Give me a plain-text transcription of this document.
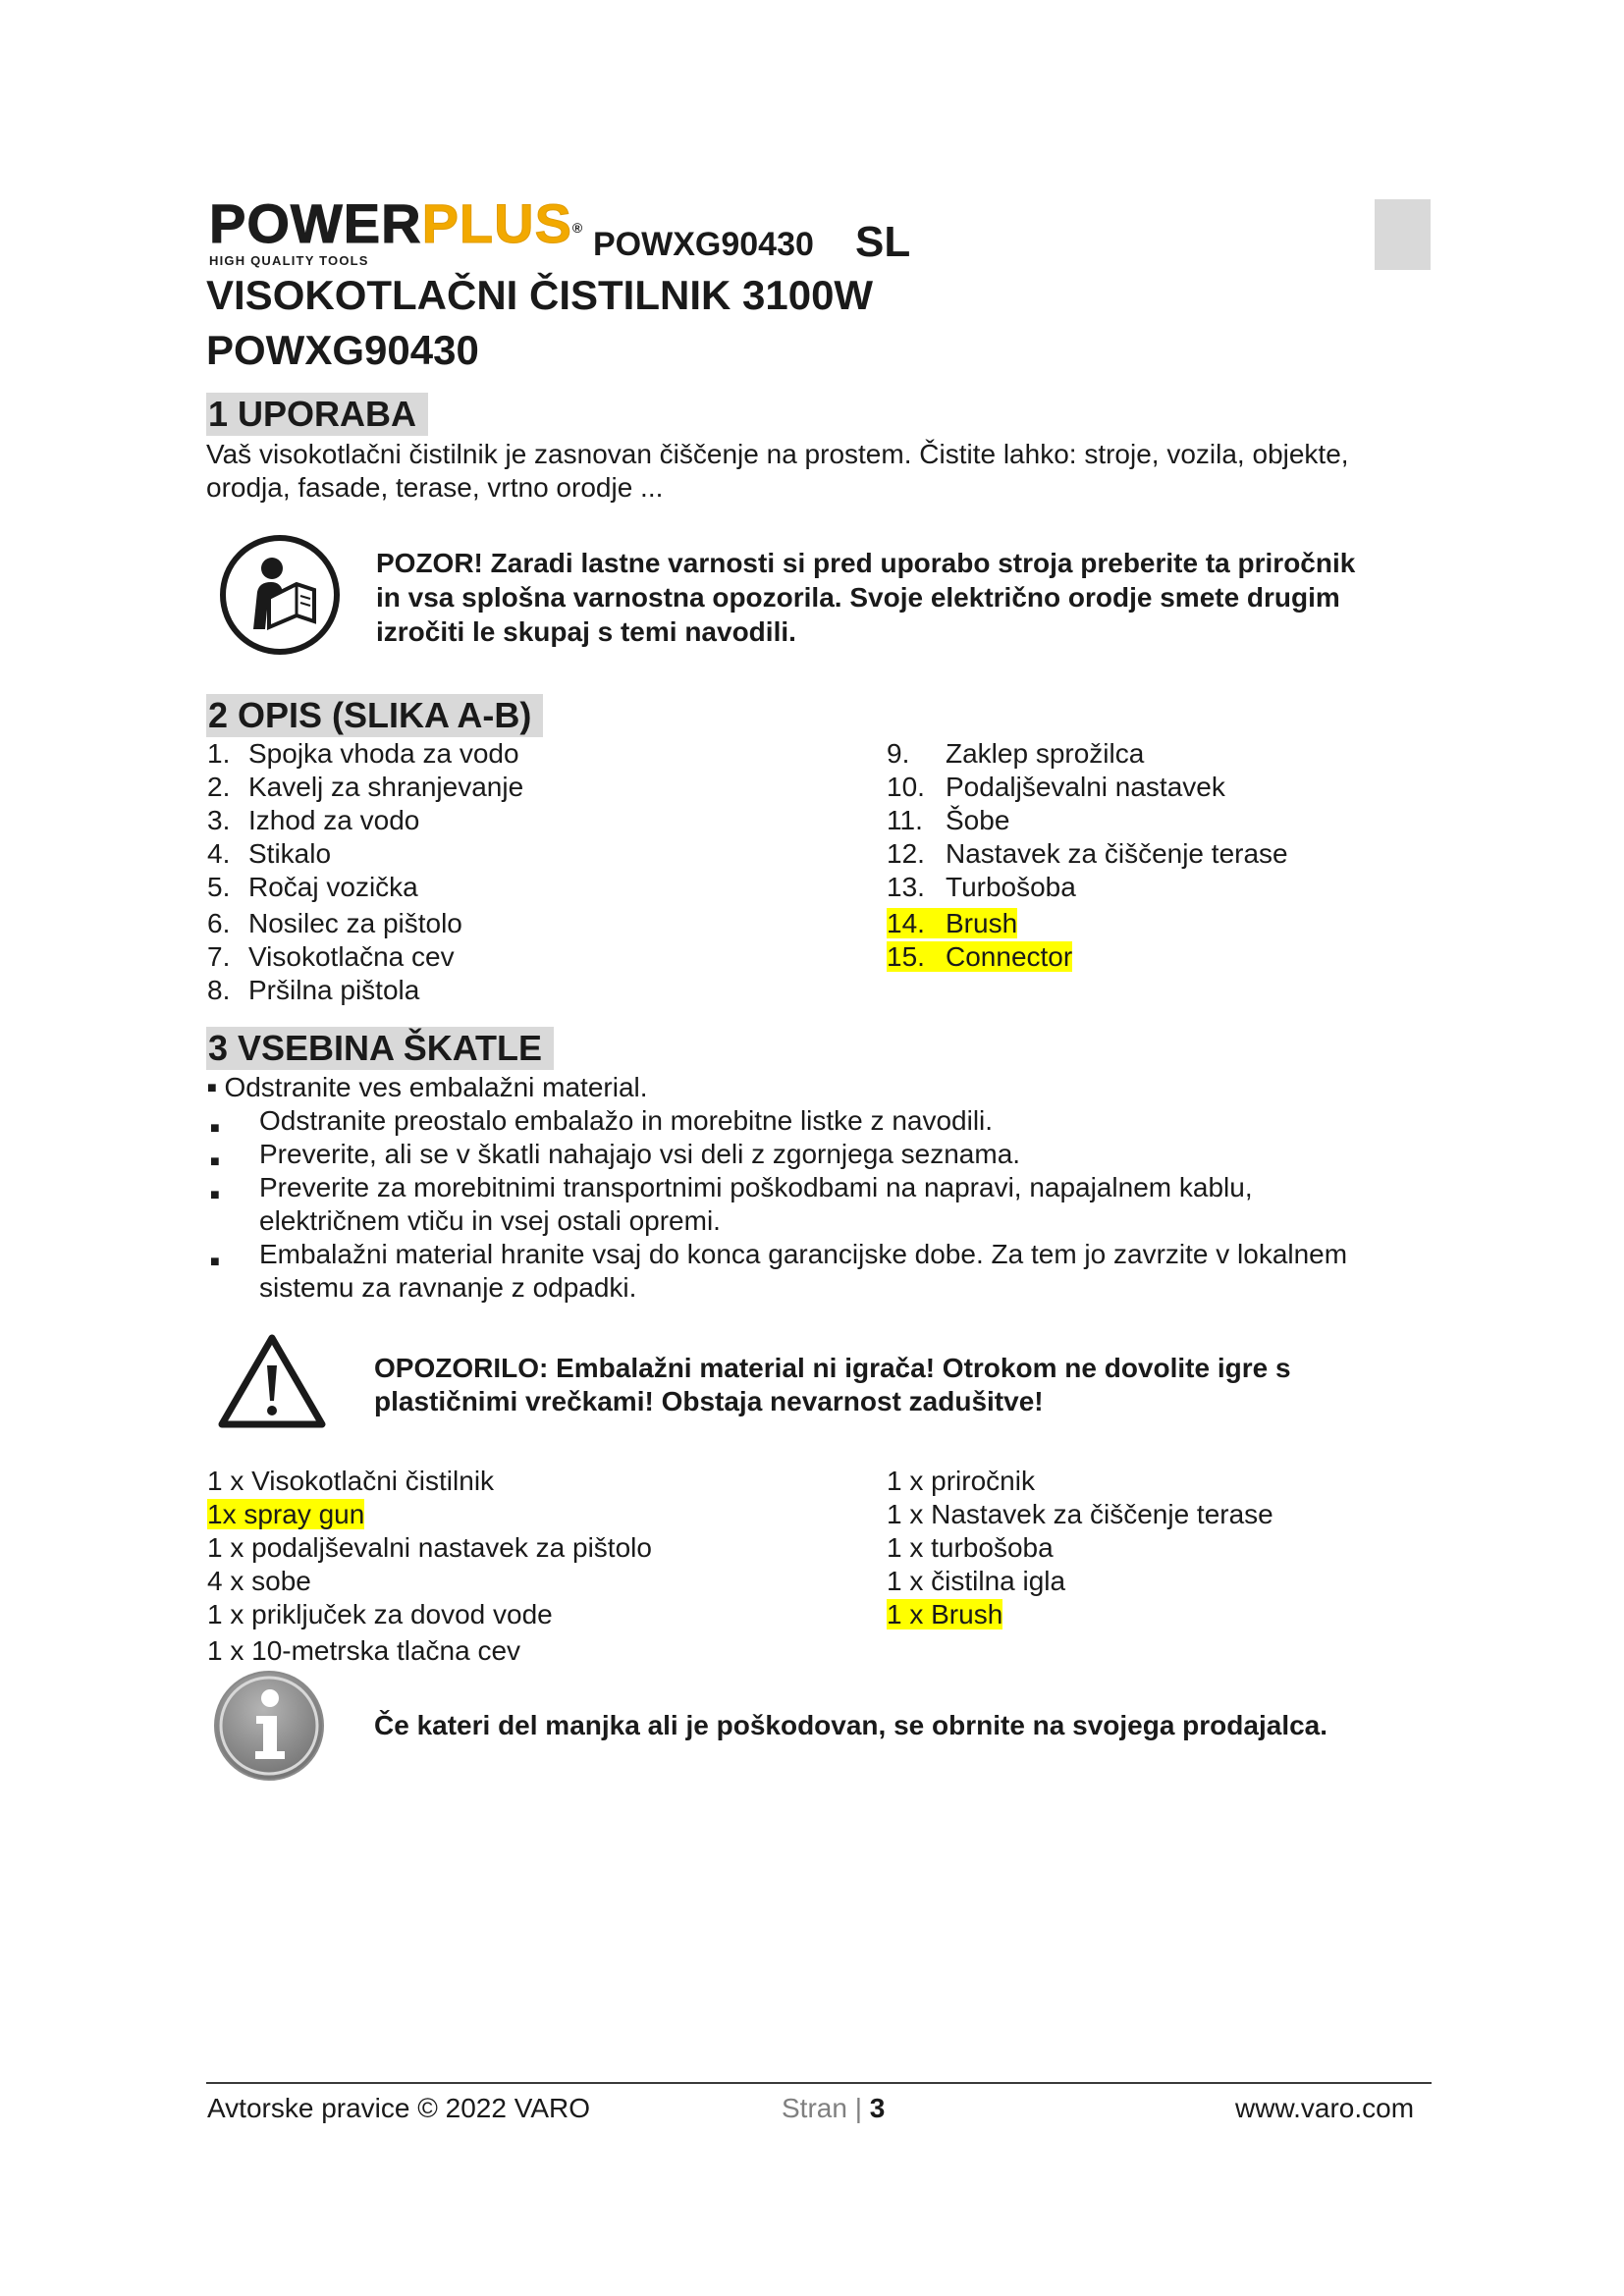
POWERPLUS®
HIGH QUALITY TOOLS	POWXG90430 SL
VISOKOTLAČNI ČISTILNIK 3100W
POWXG90430
1 UPORABA
Vaš visokotlačni čistilnik je zasnovan čiščenje na prostem. Čistite lahko: stroje, vozila, objekte,
orodja, fasade, terase, vrtno orodje ...
POZOR! Zaradi lastne varnosti si pred uporabo stroja preberite ta priročnik
in vsa splošna varnostna opozorila. Svoje električno orodje smete drugim
izročiti le skupaj s temi navodili.
2 OPIS (SLIKA A-B)
1. Spojka vhoda za vodo
2. Kavelj za shranjevanje
3. Izhod za vodo
4. Stikalo
5. Ročaj vozička
6. Nosilec za pištolo
7. Visokotlačna cev
8. Pršilna pištola
9. Zaklep sprožilca
10. Podaljševalni nastavek
11. Šobe
12. Nastavek za čiščenje terase
13. Turbošoba
14. Brush
15. Connector
3 VSEBINA ŠKATLE
■ Odstranite ves embalažni material.
■ Odstranite preostalo embalažo in morebitne listke z navodili.
■ Preverite, ali se v škatli nahajajo vsi deli z zgornjega seznama.
■ Preverite za morebitnimi transportnimi poškodbami na napravi, napajalnem kablu,
električnem vtiču in vsej ostali opremi.
■ Embalažni material hranite vsaj do konca garancijske dobe. Za tem jo zavrzite v lokalnem
sistemu za ravnanje z odpadki.
OPOZORILO: Embalažni material ni igrača! Otrokom ne dovolite igre s
plastičnimi vrečkami! Obstaja nevarnost zadušitve!
1 x Visokotlačni čistilnik
1x spray gun
1 x podaljševalni nastavek za pištolo
4 x sobe
1 x priključek za dovod vode
1 x 10-metrska tlačna cev
1 x priročnik
1 x Nastavek za čiščenje terase
1 x turbošoba
1 x čistilna igla
1 x Brush
Če kateri del manjka ali je poškodovan, se obrnite na svojega prodajalca.
Avtorske pravice © 2022 VARO	Stran | 3	www.varo.com
